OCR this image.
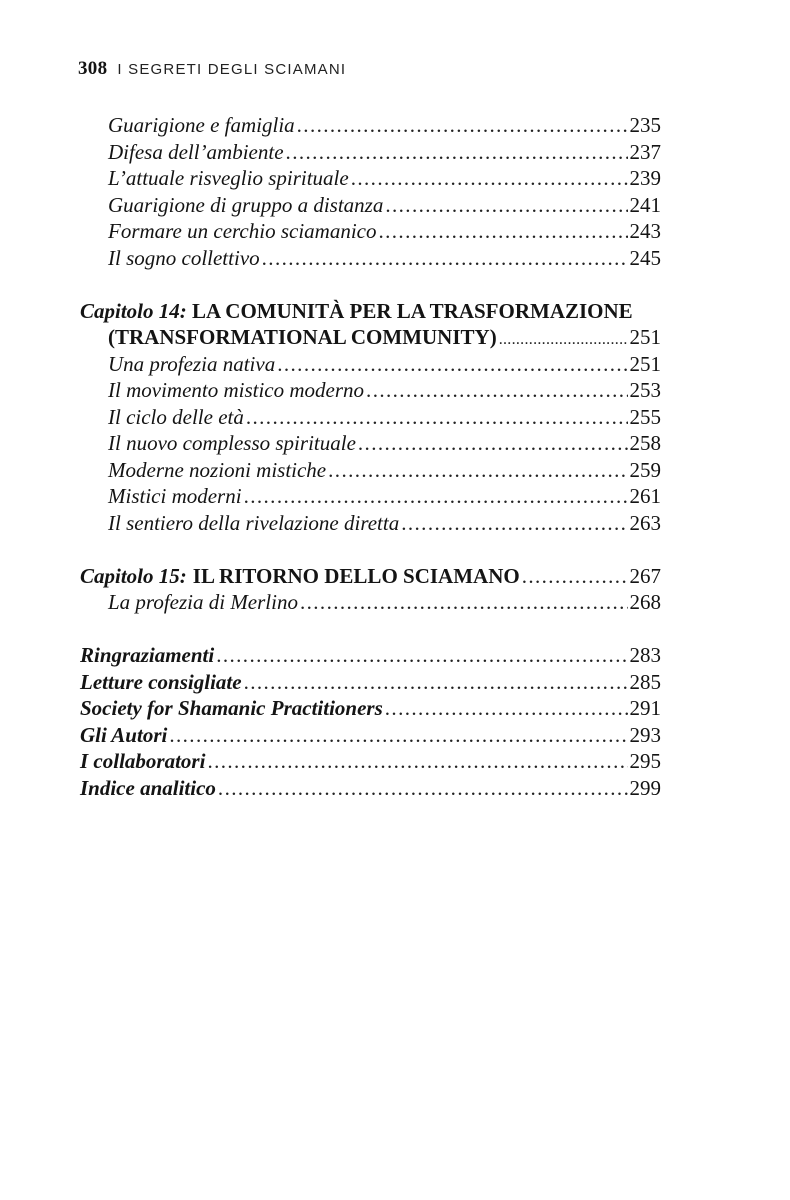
308 I SEGRETI DEGLI SCIAMANI
Guarigione e famiglia .....	235
Difesa dell’ambiente .....	237
L’attuale risveglio spirituale .....	239
Guarigione di gruppo a distanza .....	241
Formare un cerchio sciamanico .....	243
Il sogno collettivo .....	245
Capitolo 14: LA COMUNITÀ PER LA TRASFORMAZIONE
(TRANSFORMATIONAL COMMUNITY) .....	251
Una profezia nativa .....	251
Il movimento mistico moderno .....	253
Il ciclo delle età .....	255
Il nuovo complesso spirituale .....	258
Moderne nozioni mistiche .....	259
Mistici moderni .....	261
Il sentiero della rivelazione diretta .....	263
Capitolo 15: IL RITORNO DELLO SCIAMANO .....	267
La profezia di Merlino .....	268
Ringraziamenti .....	283
Letture consigliate .....	285
Society for Shamanic Practitioners .....	291
Gli Autori .....	293
I collaboratori .....	295
Indice analitico .....	299
